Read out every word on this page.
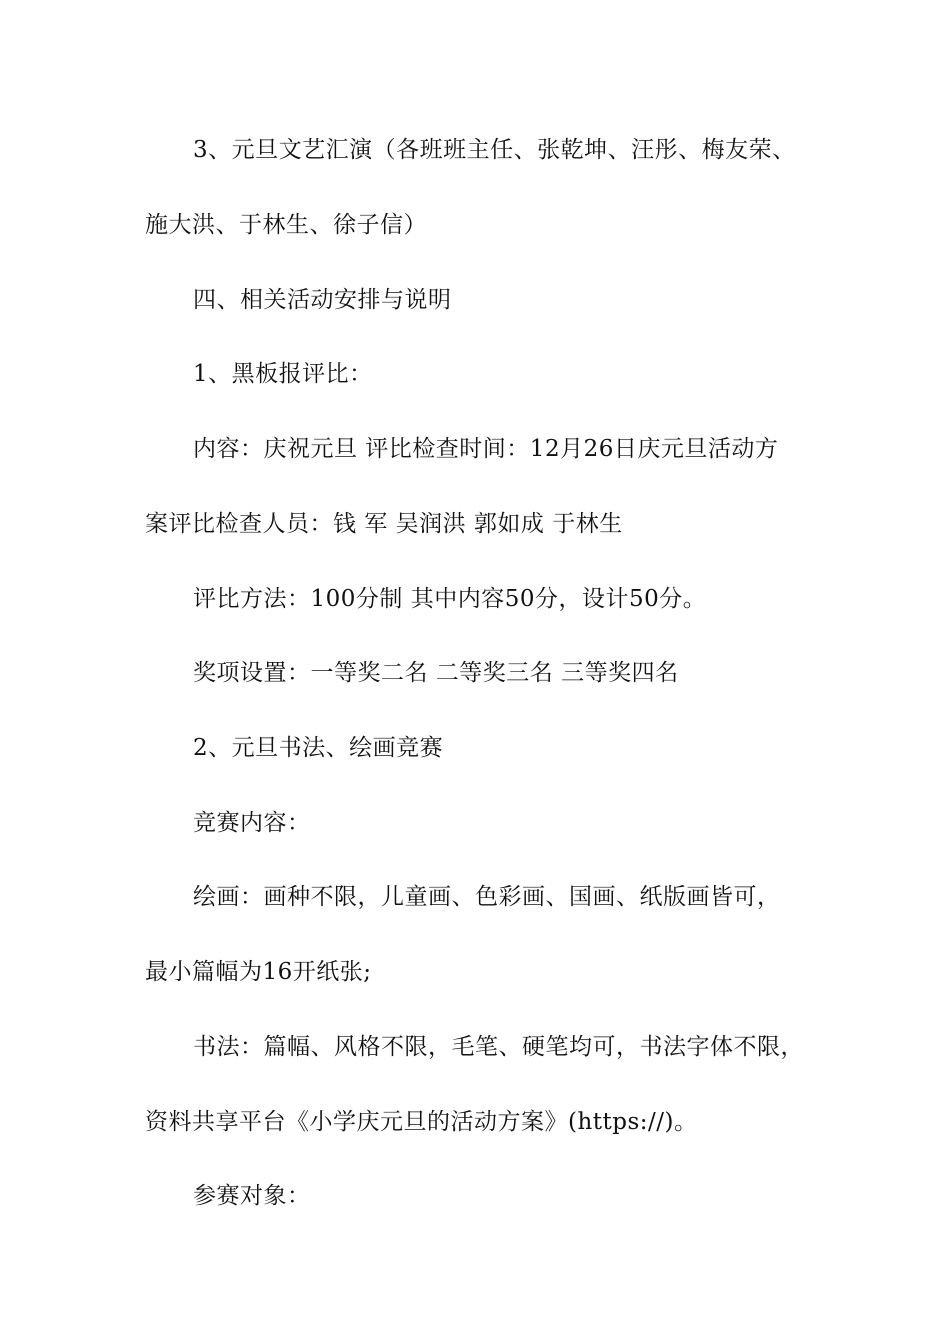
3、元旦文艺汇演（各班班主任、张乾坤、汪彤、梅友荣、
施大洪、于林生、徐子信）
四、相关活动安排与说明
1、黑板报评比：
内容：庆祝元旦 评比检查时间：12月26日庆元旦活动方
案评比检查人员：钱 军 吴润洪 郭如成 于林生
评比方法：100分制 其中内容50分，设计50分。
奖项设置：一等奖二名 二等奖三名 三等奖四名
2、元旦书法、绘画竞赛
竞赛内容：
绘画：画种不限，儿童画、色彩画、国画、纸版画皆可，
最小篇幅为16开纸张;
书法：篇幅、风格不限，毛笔、硬笔均可，书法字体不限，
资料共享平台《小学庆元旦的活动方案》(https://)。
参赛对象：
